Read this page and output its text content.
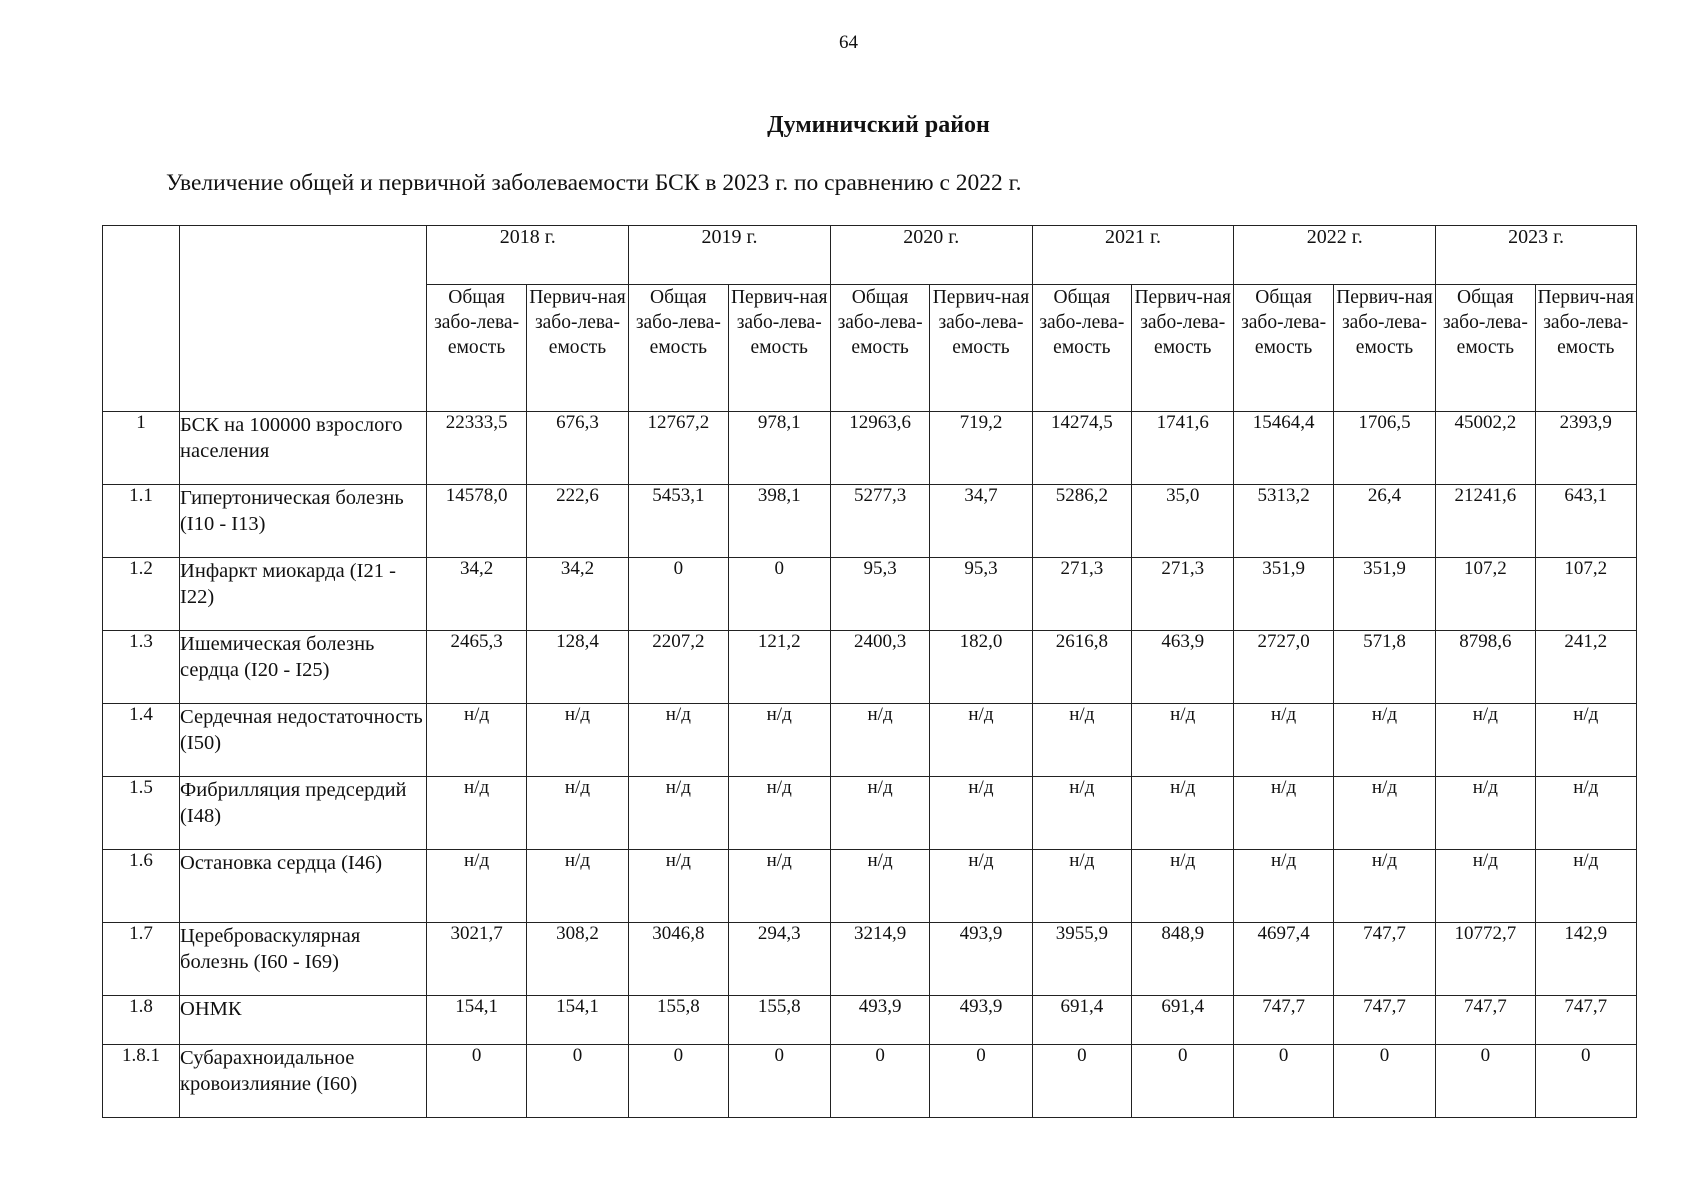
64
Думиничский район
Увеличение общей и первичной заболеваемости БСК в 2023 г. по сравнению с 2022 г.
		2018 г.		2019 г.		2020 г.		2021 г.		2022 г.		2023 г.	
		Общая забо-лева-емость	Первич-ная забо-лева-емость	Общая забо-лева-емость	Первич-ная забо-лева-емость	Общая забо-лева-емость	Первич-ная забо-лева-емость	Общая забо-лева-емость	Первич-ная забо-лева-емость	Общая забо-лева-емость	Первич-ная забо-лева-емость	Общая забо-лева-емость	Первич-ная забо-лева-емость
1	БСК на 100000 взрослого населения	22333,5	676,3	12767,2	978,1	12963,6	719,2	14274,5	1741,6	15464,4	1706,5	45002,2	2393,9
1.1	Гипертоническая болезнь (I10 - I13)	14578,0	222,6	5453,1	398,1	5277,3	34,7	5286,2	35,0	5313,2	26,4	21241,6	643,1
1.2	Инфаркт миокарда (I21 - I22)	34,2	34,2	0	0	95,3	95,3	271,3	271,3	351,9	351,9	107,2	107,2
1.3	Ишемическая болезнь сердца (I20 - I25)	2465,3	128,4	2207,2	121,2	2400,3	182,0	2616,8	463,9	2727,0	571,8	8798,6	241,2
1.4	Сердечная недостаточность (I50)	н/д	н/д	н/д	н/д	н/д	н/д	н/д	н/д	н/д	н/д	н/д	н/д
1.5	Фибрилляция предсердий (I48)	н/д	н/д	н/д	н/д	н/д	н/д	н/д	н/д	н/д	н/д	н/д	н/д
1.6	Остановка сердца (I46)	н/д	н/д	н/д	н/д	н/д	н/д	н/д	н/д	н/д	н/д	н/д	н/д
1.7	Цереброваскулярная болезнь (I60 - I69)	3021,7	308,2	3046,8	294,3	3214,9	493,9	3955,9	848,9	4697,4	747,7	10772,7	142,9
1.8	ОНМК	154,1	154,1	155,8	155,8	493,9	493,9	691,4	691,4	747,7	747,7	747,7	747,7
1.8.1	Субарахноидальное кровоизлияние (I60)	0	0	0	0	0	0	0	0	0	0	0	0
